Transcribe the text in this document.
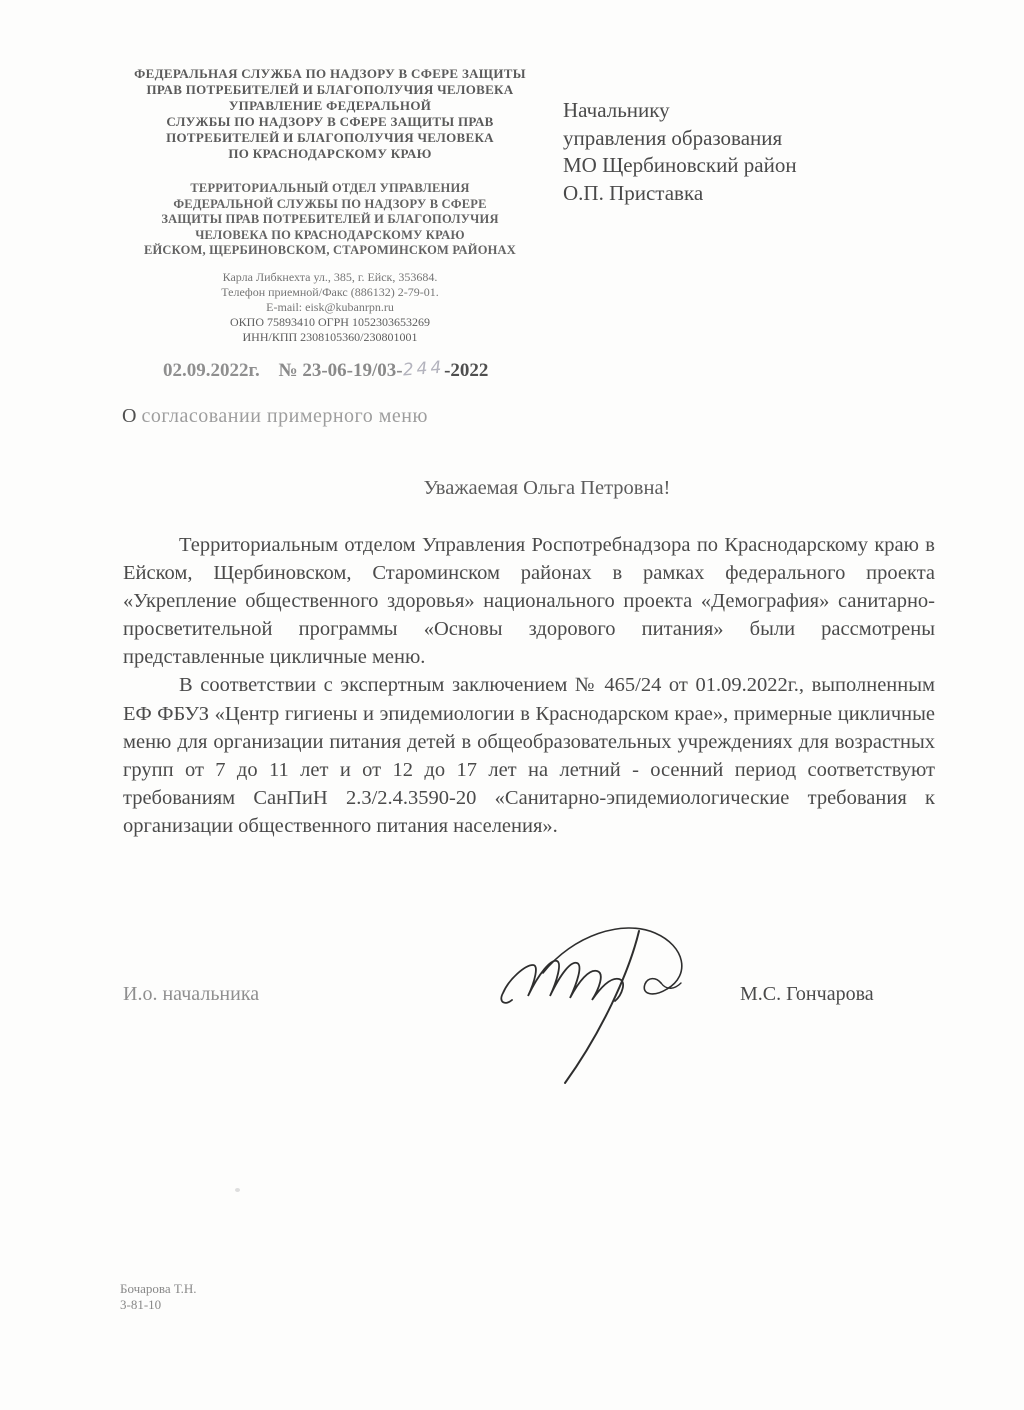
ФЕДЕРАЛЬНАЯ СЛУЖБА ПО НАДЗОРУ В СФЕРЕ ЗАЩИТЫ
ПРАВ ПОТРЕБИТЕЛЕЙ И БЛАГОПОЛУЧИЯ ЧЕЛОВЕКА
УПРАВЛЕНИЕ ФЕДЕРАЛЬНОЙ
СЛУЖБЫ ПО НАДЗОРУ В СФЕРЕ ЗАЩИТЫ ПРАВ
ПОТРЕБИТЕЛЕЙ И БЛАГОПОЛУЧИЯ ЧЕЛОВЕКА
ПО КРАСНОДАРСКОМУ КРАЮ
ТЕРРИТОРИАЛЬНЫЙ ОТДЕЛ УПРАВЛЕНИЯ
ФЕДЕРАЛЬНОЙ СЛУЖБЫ ПО НАДЗОРУ В СФЕРЕ
ЗАЩИТЫ ПРАВ ПОТРЕБИТЕЛЕЙ И БЛАГОПОЛУЧИЯ
ЧЕЛОВЕКА ПО КРАСНОДАРСКОМУ КРАЮ
ЕЙСКОМ, ЩЕРБИНОВСКОМ, СТАРОМИНСКОМ РАЙОНАХ
Карла Либкнехта ул., 385, г. Ейск, 353684.
Телефон приемной/Факс (886132) 2-79-01.
E-mail: eisk@kubanrpn.ru
ОКПО 75893410 ОГРН 1052303653269
ИНН/КПП 2308105360/230801001
Начальнику
управления образования
МО Щербиновский район
О.П. Приставка
02.09.2022г. № 23-06-19/03-244-2022
О согласовании примерного меню
Уважаемая Ольга Петровна!

Территориальным отделом Управления Роспотребнадзора по Краснодарскому краю в Ейском, Щербиновском, Староминском районах в рамках федерального проекта «Укрепление общественного здоровья» национального проекта «Демография» санитарно-просветительной программы «Основы здорового питания» были рассмотрены представленные цикличные меню.

В соответствии с экспертным заключением № 465/24 от 01.09.2022г., выполненным ЕФ ФБУЗ «Центр гигиены и эпидемиологии в Краснодарском крае», примерные цикличные меню для организации питания детей в общеобразовательных учреждениях для возрастных групп от 7 до 11 лет и от 12 до 17 лет на летний - осенний период соответствуют требованиям СанПиН 2.3/2.4.3590-20 «Санитарно-эпидемиологические требования к организации общественного питания населения».

И.о. начальника	М.С. Гончарова
Бочарова Т.Н.
3-81-10
